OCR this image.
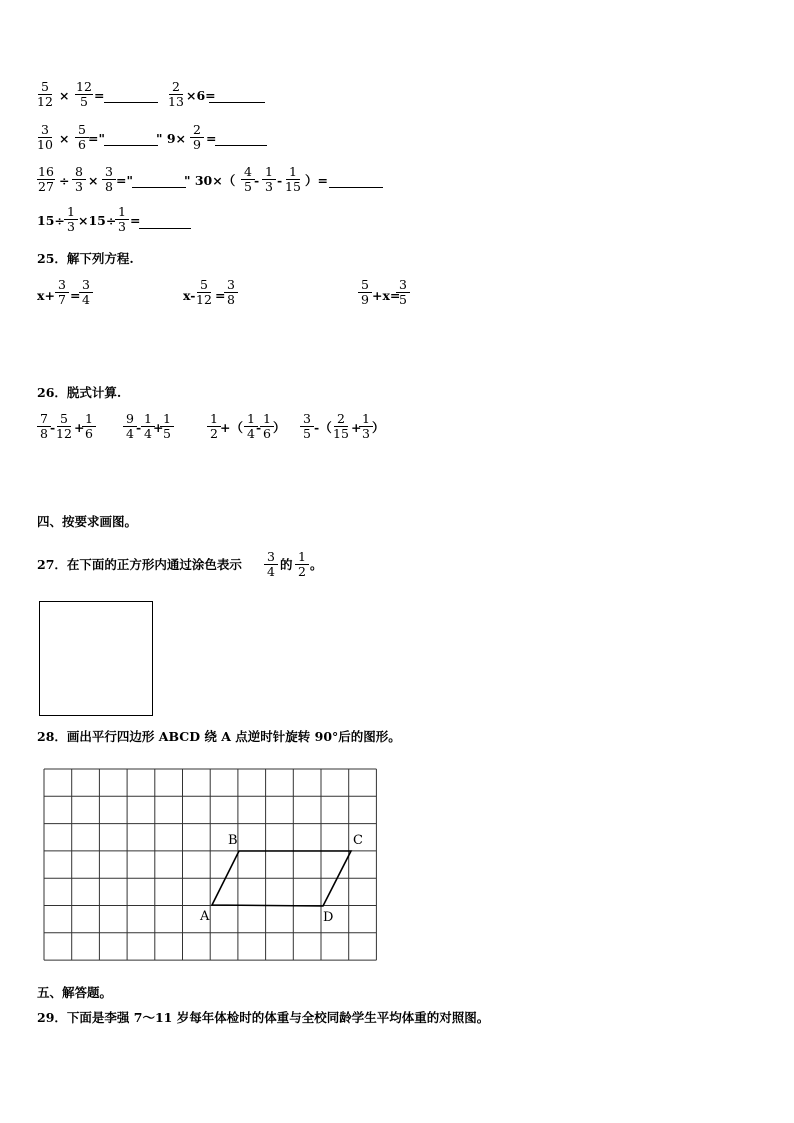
$\frac{5}{12} \times \frac{12}{5}$ =	$\frac{2}{13} \times 6=$
$\frac{3}{10} \times \frac{5}{6}$ ="	" $9\times \frac{2}{9}$ =
$\frac{16}{27} \div \frac{8}{3} \times \frac{3}{8}$ ="	" $30\times( \frac{4}{5} - \frac{1}{3} - \frac{1}{15}$ ）=
$15\div \frac{1}{3} \times 15\div$
$\frac{1}{3}$ =
25．解下列方程.
$x+ \frac{3}{7}$ =
$\frac{3}{4}$	$x- \frac{5}{12}$ =
$\frac{3}{8}$	$\frac{5}{9} +x=$
$\frac{3}{5}$
26．脱式计算.
$\frac{7}{8} - \frac{5}{12}$ +
$\frac{1}{6} \frac{9}{4} - \frac{1}{4}$
+
$\frac{1}{5}$	$\frac{1}{2}$ +（ $\frac{1}{4}$
-
$\frac{1}{6}$ ） $\frac{3}{5}$ -（ $\frac{2}{15}$ +
$\frac{1}{3}$ ）
四、按要求画图。
27．在下面的正方形内通过涂色表示 $\frac{3}{4}$ 的 $\frac{1}{2}$ 。
28．画出平行四边形 ABCD 绕 A 点逆时针旋转 90°后的图形。
A
B	C
D
五、解答题。
29．下面是李强 7～11 岁每年体检时的体重与全校同龄学生平均体重的对照图。
